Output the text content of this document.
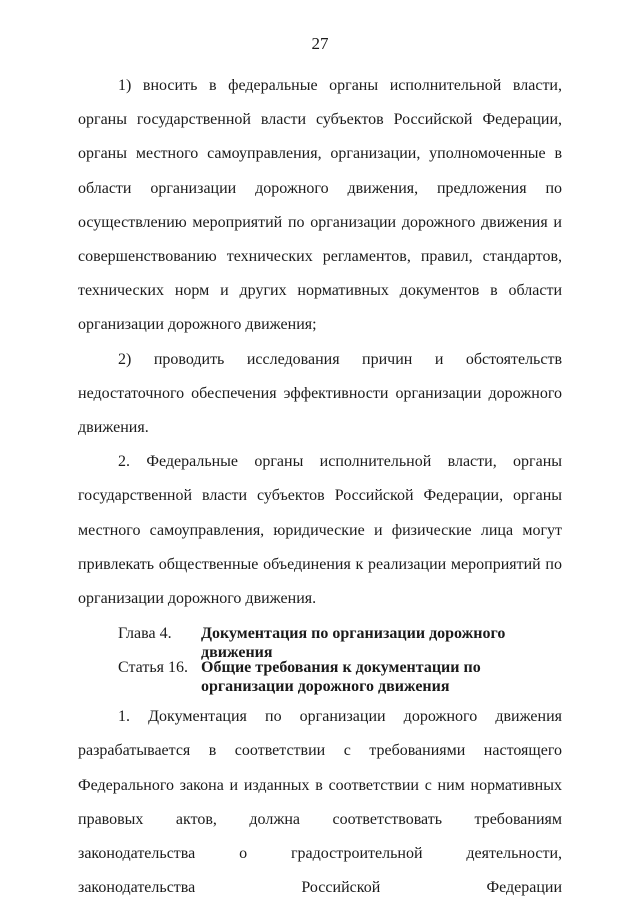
27

1) вносить в федеральные органы исполнительной власти, органы государственной власти субъектов Российской Федерации, органы местного самоуправления, организации, уполномоченные в области организации дорожного движения, предложения по осуществлению мероприятий по организации дорожного движения и совершенствованию технических регламентов, правил, стандартов, технических норм и других нормативных документов в области организации дорожного движения;

2) проводить исследования причин и обстоятельств недостаточного обеспечения эффективности организации дорожного движения.

2. Федеральные органы исполнительной власти, органы государственной власти субъектов Российской Федерации, органы местного самоуправления, юридические и физические лица могут привлекать общественные объединения к реализации мероприятий по организации дорожного движения.

Глава 4.	Документация по организации дорожного движения
Статья 16. Общие требования к документации по организации дорожного движения

1. Документация по организации дорожного движения разрабатывается в соответствии с требованиями настоящего Федерального закона и изданных в соответствии с ним нормативных правовых актов, должна соответствовать требованиям законодательства о градостроительной деятельности, законодательства Российской Федерации
